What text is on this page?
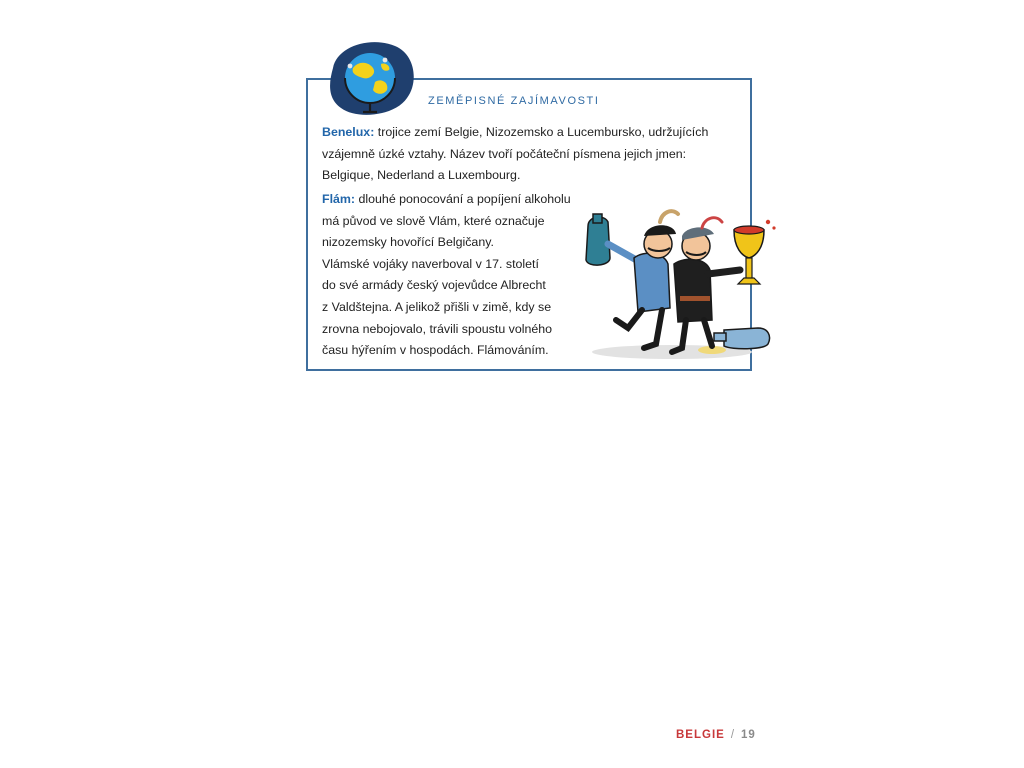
ZEMĚPISNÉ ZAJÍMAVOSTI

Benelux: trojice zemí Belgie, Nizozemsko a Lucembursko, udržujících
vzájemně úzké vztahy. Název tvoří počáteční písmena jejich jmen:
Belgique, Nederland a Luxembourg.

Flám: dlouhé ponocování a popíjení alkoholu
má původ ve slově Vlám, které označuje
nizozemsky hovořící Belgičany.
Vlámské vojáky naverboval v 17. století
do své armády český vojevůdce Albrecht
z Valdštejna. A jelikož přišli v zimě, kdy se
zrovna nebojovalo, trávili spoustu volného
času hýřením v hospodách. Flámováním.

BELGIE / 19
